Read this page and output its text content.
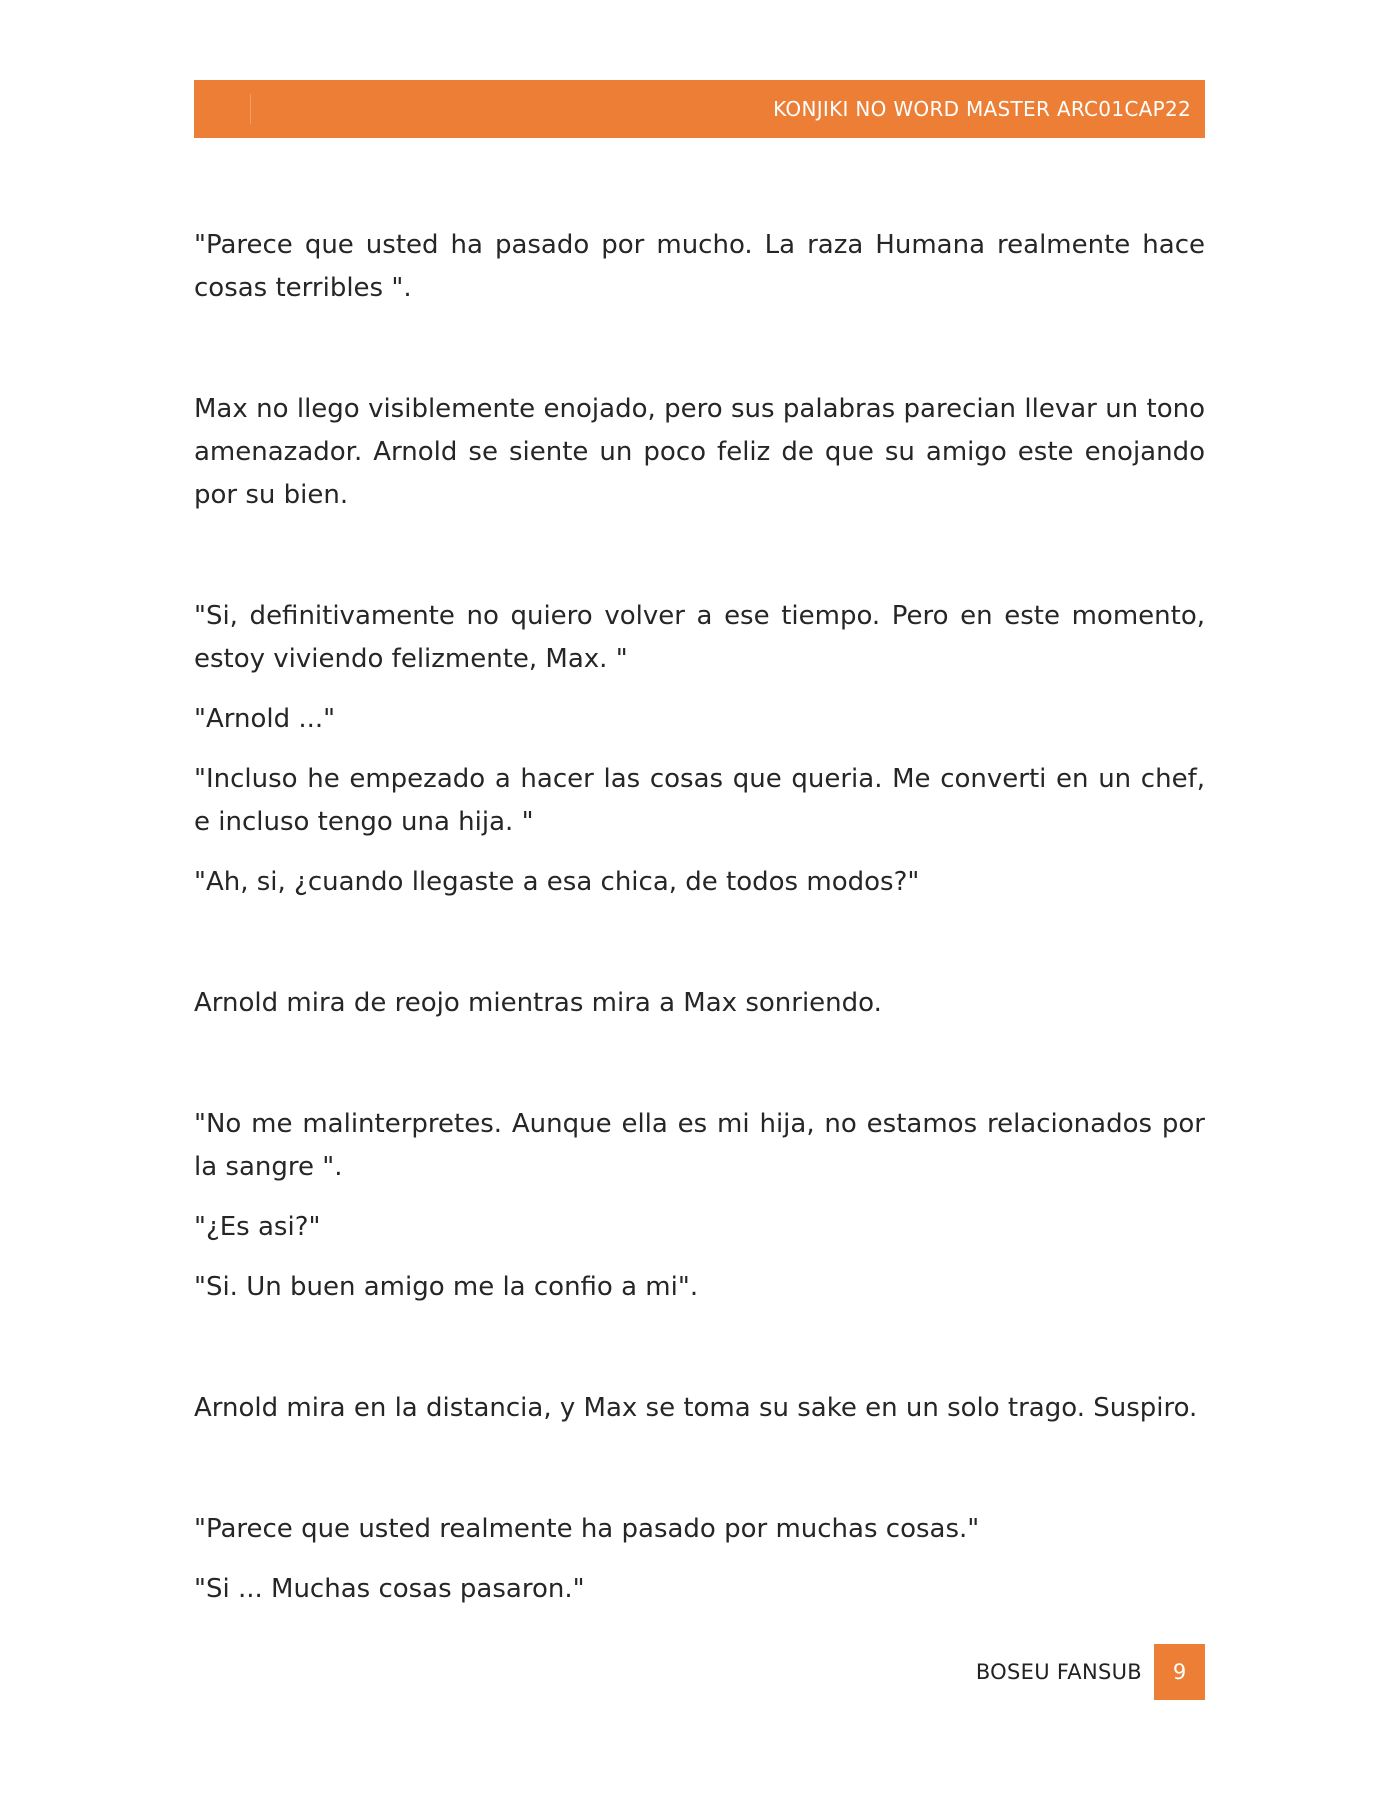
KONJIKI NO WORD MASTER ARC01CAP22

"Parece que usted ha pasado por mucho. La raza Humana realmente hace cosas terribles ".

Max no llego visiblemente enojado, pero sus palabras parecian llevar un tono amenazador. Arnold se siente un poco feliz de que su amigo este enojando por su bien.

"Si, definitivamente no quiero volver a ese tiempo. Pero en este momento, estoy viviendo felizmente, Max. "

"Arnold ..."

"Incluso he empezado a hacer las cosas que queria. Me converti en un chef, e incluso tengo una hija. "

"Ah, si, ¿cuando llegaste a esa chica, de todos modos?"

Arnold mira de reojo mientras mira a Max sonriendo.

"No me malinterpretes. Aunque ella es mi hija, no estamos relacionados por la sangre ".

"¿Es asi?"

"Si. Un buen amigo me la confio a mi".

Arnold mira en la distancia, y Max se toma su sake en un solo trago. Suspiro.

"Parece que usted realmente ha pasado por muchas cosas."

"Si ... Muchas cosas pasaron."

BOSEU FANSUB 9
